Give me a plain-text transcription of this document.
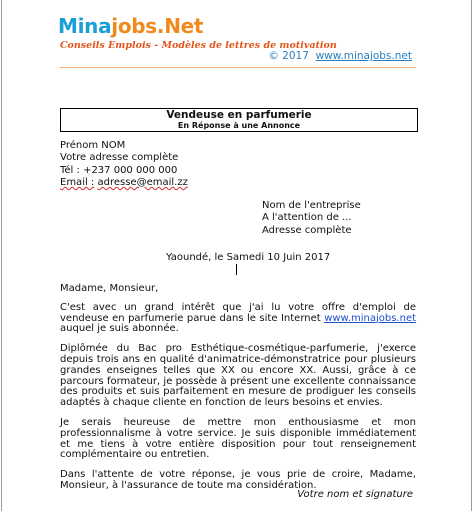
Minajobs.Net
Conseils Emplois - Modèles de lettres de motivation
© 2017 www.minajobs.net
Vendeuse en parfumerie
En Réponse à une Annonce
Prénom NOM
Votre adresse complète
Tél : +237 000 000 000
Email : adresse@email.zz
Nom de l'entreprise
A l'attention de ...
Adresse complète
Yaoundé, le Samedi 10 Juin 2017

Madame, Monsieur,

C'est avec un grand intérêt que j'ai lu votre offre d'emploi de vendeuse en parfumerie parue dans le site Internet www.minajobs.net auquel je suis abonnée.

Diplômée du Bac pro Esthétique-cosmétique-parfumerie, j'exerce depuis trois ans en qualité d'animatrice-démonstratrice pour plusieurs grandes enseignes telles que XX ou encore XX. Aussi, grâce à ce parcours formateur, je possède à présent une excellente connaissance des produits et suis parfaitement en mesure de prodiguer les conseils adaptés à chaque cliente en fonction de leurs besoins et envies.

Je serais heureuse de mettre mon enthousiasme et mon professionnalisme à votre service. Je suis disponible immédiatement et me tiens à votre entière disposition pour tout renseignement complémentaire ou entretien.

Dans l'attente de votre réponse, je vous prie de croire, Madame, Monsieur, à l'assurance de toute ma considération.

Votre nom et signature
